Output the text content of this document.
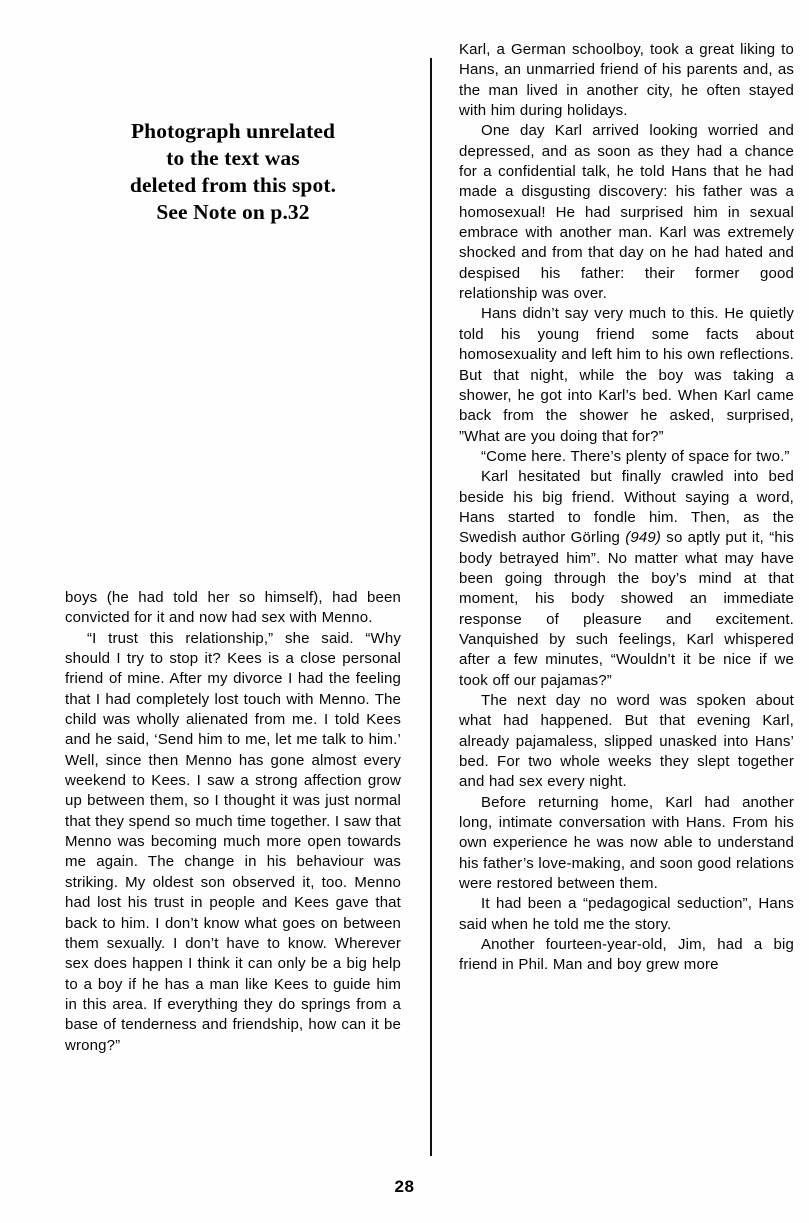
Photograph unrelated
to the text was
deleted from this spot.
See Note on p.32

boys (he had told her so himself), had been convicted for it and now had sex with Menno.

“I trust this relationship,” she said. “Why should I try to stop it? Kees is a close personal friend of mine. After my divorce I had the feeling that I had completely lost touch with Menno. The child was wholly alienated from me. I told Kees and he said, ‘Send him to me, let me talk to him.’ Well, since then Menno has gone almost every weekend to Kees. I saw a strong affection grow up between them, so I thought it was just normal that they spend so much time together. I saw that Menno was becoming much more open towards me again. The change in his behaviour was striking. My oldest son observed it, too. Menno had lost his trust in people and Kees gave that back to him. I don’t know what goes on between them sexually. I don’t have to know. Wherever sex does happen I think it can only be a big help to a boy if he has a man like Kees to guide him in this area. If everything they do springs from a base of tenderness and friendship, how can it be wrong?”

Karl, a German schoolboy, took a great liking to Hans, an unmarried friend of his parents and, as the man lived in another city, he often stayed with him during holidays.

One day Karl arrived looking worried and depressed, and as soon as they had a chance for a confidential talk, he told Hans that he had made a disgusting discovery: his father was a homosexual! He had surprised him in sexual embrace with another man. Karl was extremely shocked and from that day on he had hated and despised his father: their former good relationship was over.

Hans didn’t say very much to this. He quietly told his young friend some facts about homosexuality and left him to his own reflections. But that night, while the boy was taking a shower, he got into Karl’s bed. When Karl came back from the shower he asked, surprised, ”What are you doing that for?”

“Come here. There’s plenty of space for two.”

Karl hesitated but finally crawled into bed beside his big friend. Without saying a word, Hans started to fondle him. Then, as the Swedish author Görling (949) so aptly put it, “his body betrayed him”. No matter what may have been going through the boy’s mind at that moment, his body showed an immediate response of pleasure and excitement. Vanquished by such feelings, Karl whispered after a few minutes, “Wouldn’t it be nice if we took off our pajamas?”

The next day no word was spoken about what had happened. But that evening Karl, already pajamaless, slipped unasked into Hans’ bed. For two whole weeks they slept together and had sex every night.

Before returning home, Karl had another long, intimate conversation with Hans. From his own experience he was now able to understand his father’s love-making, and soon good relations were restored between them.

It had been a “pedagogical seduction”, Hans said when he told me the story.

Another fourteen-year-old, Jim, had a big friend in Phil. Man and boy grew more

28
